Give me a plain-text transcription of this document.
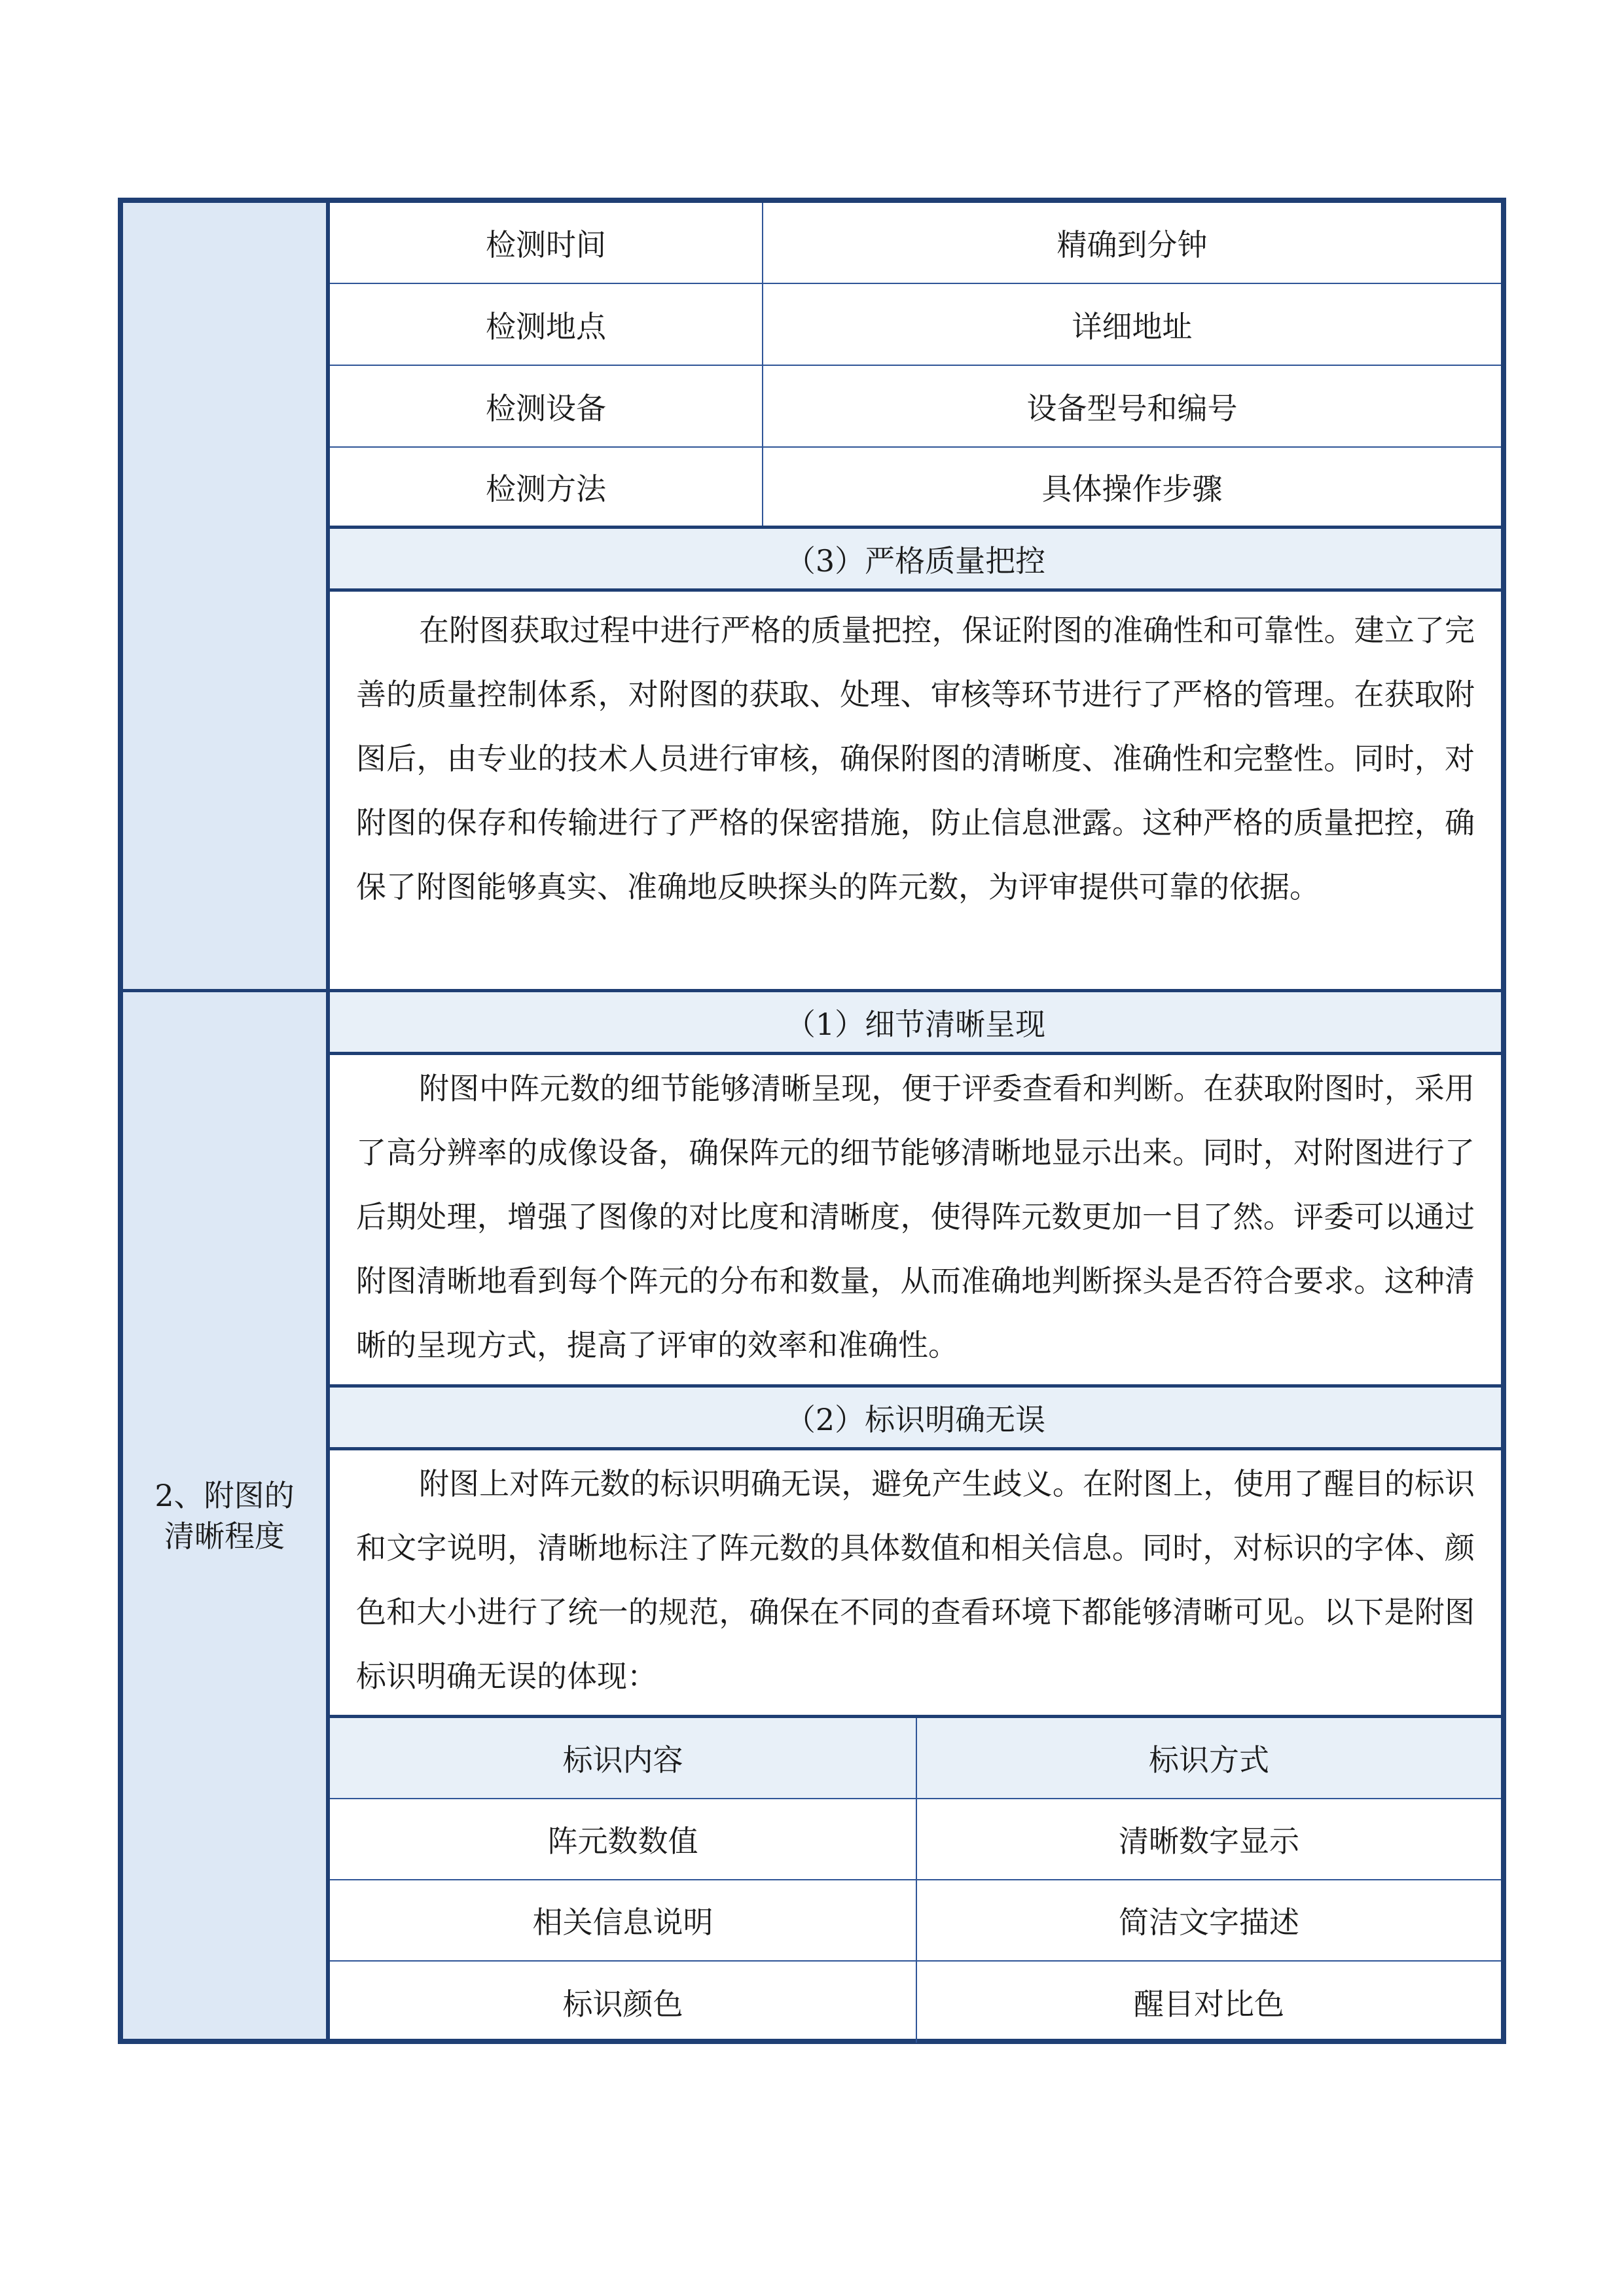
检测时间	精确到分钟
检测地点	详细地址
检测设备	设备型号和编号
检测方法	具体操作步骤
（3）严格质量把控

在附图获取过程中进行严格的质量把控，保证附图的准确性和可靠性。建立了完善的质量控制体系，对附图的获取、处理、审核等环节进行了严格的管理。在获取附图后，由专业的技术人员进行审核，确保附图的清晰度、准确性和完整性。同时，对附图的保存和传输进行了严格的保密措施，防止信息泄露。这种严格的质量把控，确保了附图能够真实、准确地反映探头的阵元数，为评审提供可靠的依据。

2、附图的清晰程度
（1）细节清晰呈现

附图中阵元数的细节能够清晰呈现，便于评委查看和判断。在获取附图时，采用了高分辨率的成像设备，确保阵元的细节能够清晰地显示出来。同时，对附图进行了后期处理，增强了图像的对比度和清晰度，使得阵元数更加一目了然。评委可以通过附图清晰地看到每个阵元的分布和数量，从而准确地判断探头是否符合要求。这种清晰的呈现方式，提高了评审的效率和准确性。

（2）标识明确无误

附图上对阵元数的标识明确无误，避免产生歧义。在附图上，使用了醒目的标识和文字说明，清晰地标注了阵元数的具体数值和相关信息。同时，对标识的字体、颜色和大小进行了统一的规范，确保在不同的查看环境下都能够清晰可见。以下是附图标识明确无误的体现：

标识内容	标识方式
阵元数数值	清晰数字显示
相关信息说明	简洁文字描述
标识颜色	醒目对比色
